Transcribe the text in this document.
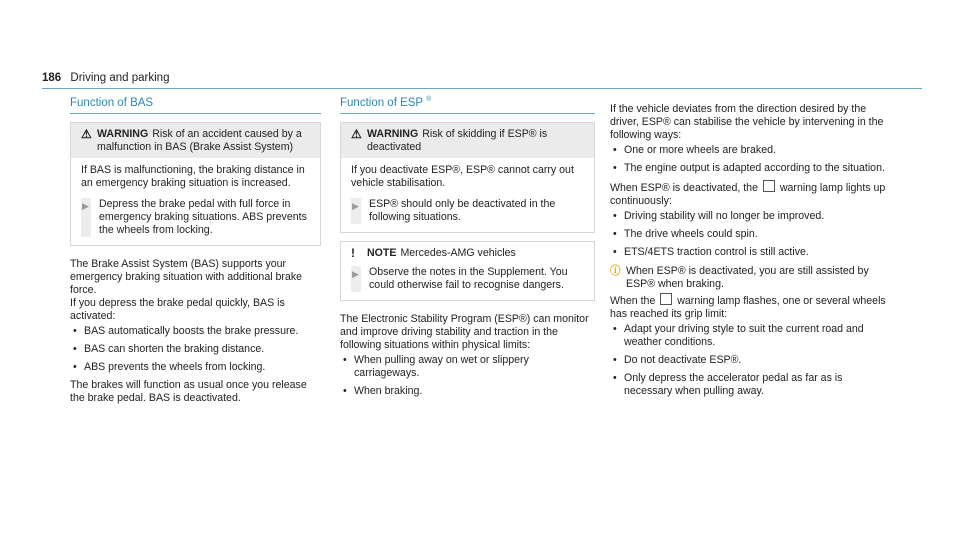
186 Driving and parking
Function of BAS
⚠ WARNING Risk of an accident caused by a malfunction in BAS (Brake Assist System)

If BAS is malfunctioning, the braking distance in an emergency braking situation is increased.

▶ Depress the brake pedal with full force in emergency braking situations. ABS prevents the wheels from locking.

The Brake Assist System (BAS) supports your emergency braking situation with additional brake force.

If you depress the brake pedal quickly, BAS is activated:

• BAS automatically boosts the brake pressure.
• BAS can shorten the braking distance.
• ABS prevents the wheels from locking.

The brakes will function as usual once you release the brake pedal. BAS is deactivated.

Function of ESP ®
⚠ WARNING Risk of skidding if ESP® is deactivated

If you deactivate ESP®, ESP® cannot carry out vehicle stabilisation.

▶ ESP® should only be deactivated in the following situations.

!	NOTE Mercedes-AMG vehicles
▶ Observe the notes in the Supplement. You could otherwise fail to recognise dangers.

The Electronic Stability Program (ESP®) can monitor and improve driving stability and traction in the following situations within physical limits:

• When pulling away on wet or slippery carriageways.
• When braking.

If the vehicle deviates from the direction desired by the driver, ESP® can stabilise the vehicle by intervening in the following ways:

• One or more wheels are braked.
• The engine output is adapted according to the situation.

When ESP® is deactivated, the warning lamp lights up continuously:

• Driving stability will no longer be improved.
• The drive wheels could spin.
• ETS/4ETS traction control is still active.
ⓘ When ESP® is deactivated, you are still assisted by ESP® when braking.

When the warning lamp flashes, one or several wheels has reached its grip limit:

• Adapt your driving style to suit the current road and weather conditions.
• Do not deactivate ESP®.
• Only depress the accelerator pedal as far as is necessary when pulling away.
